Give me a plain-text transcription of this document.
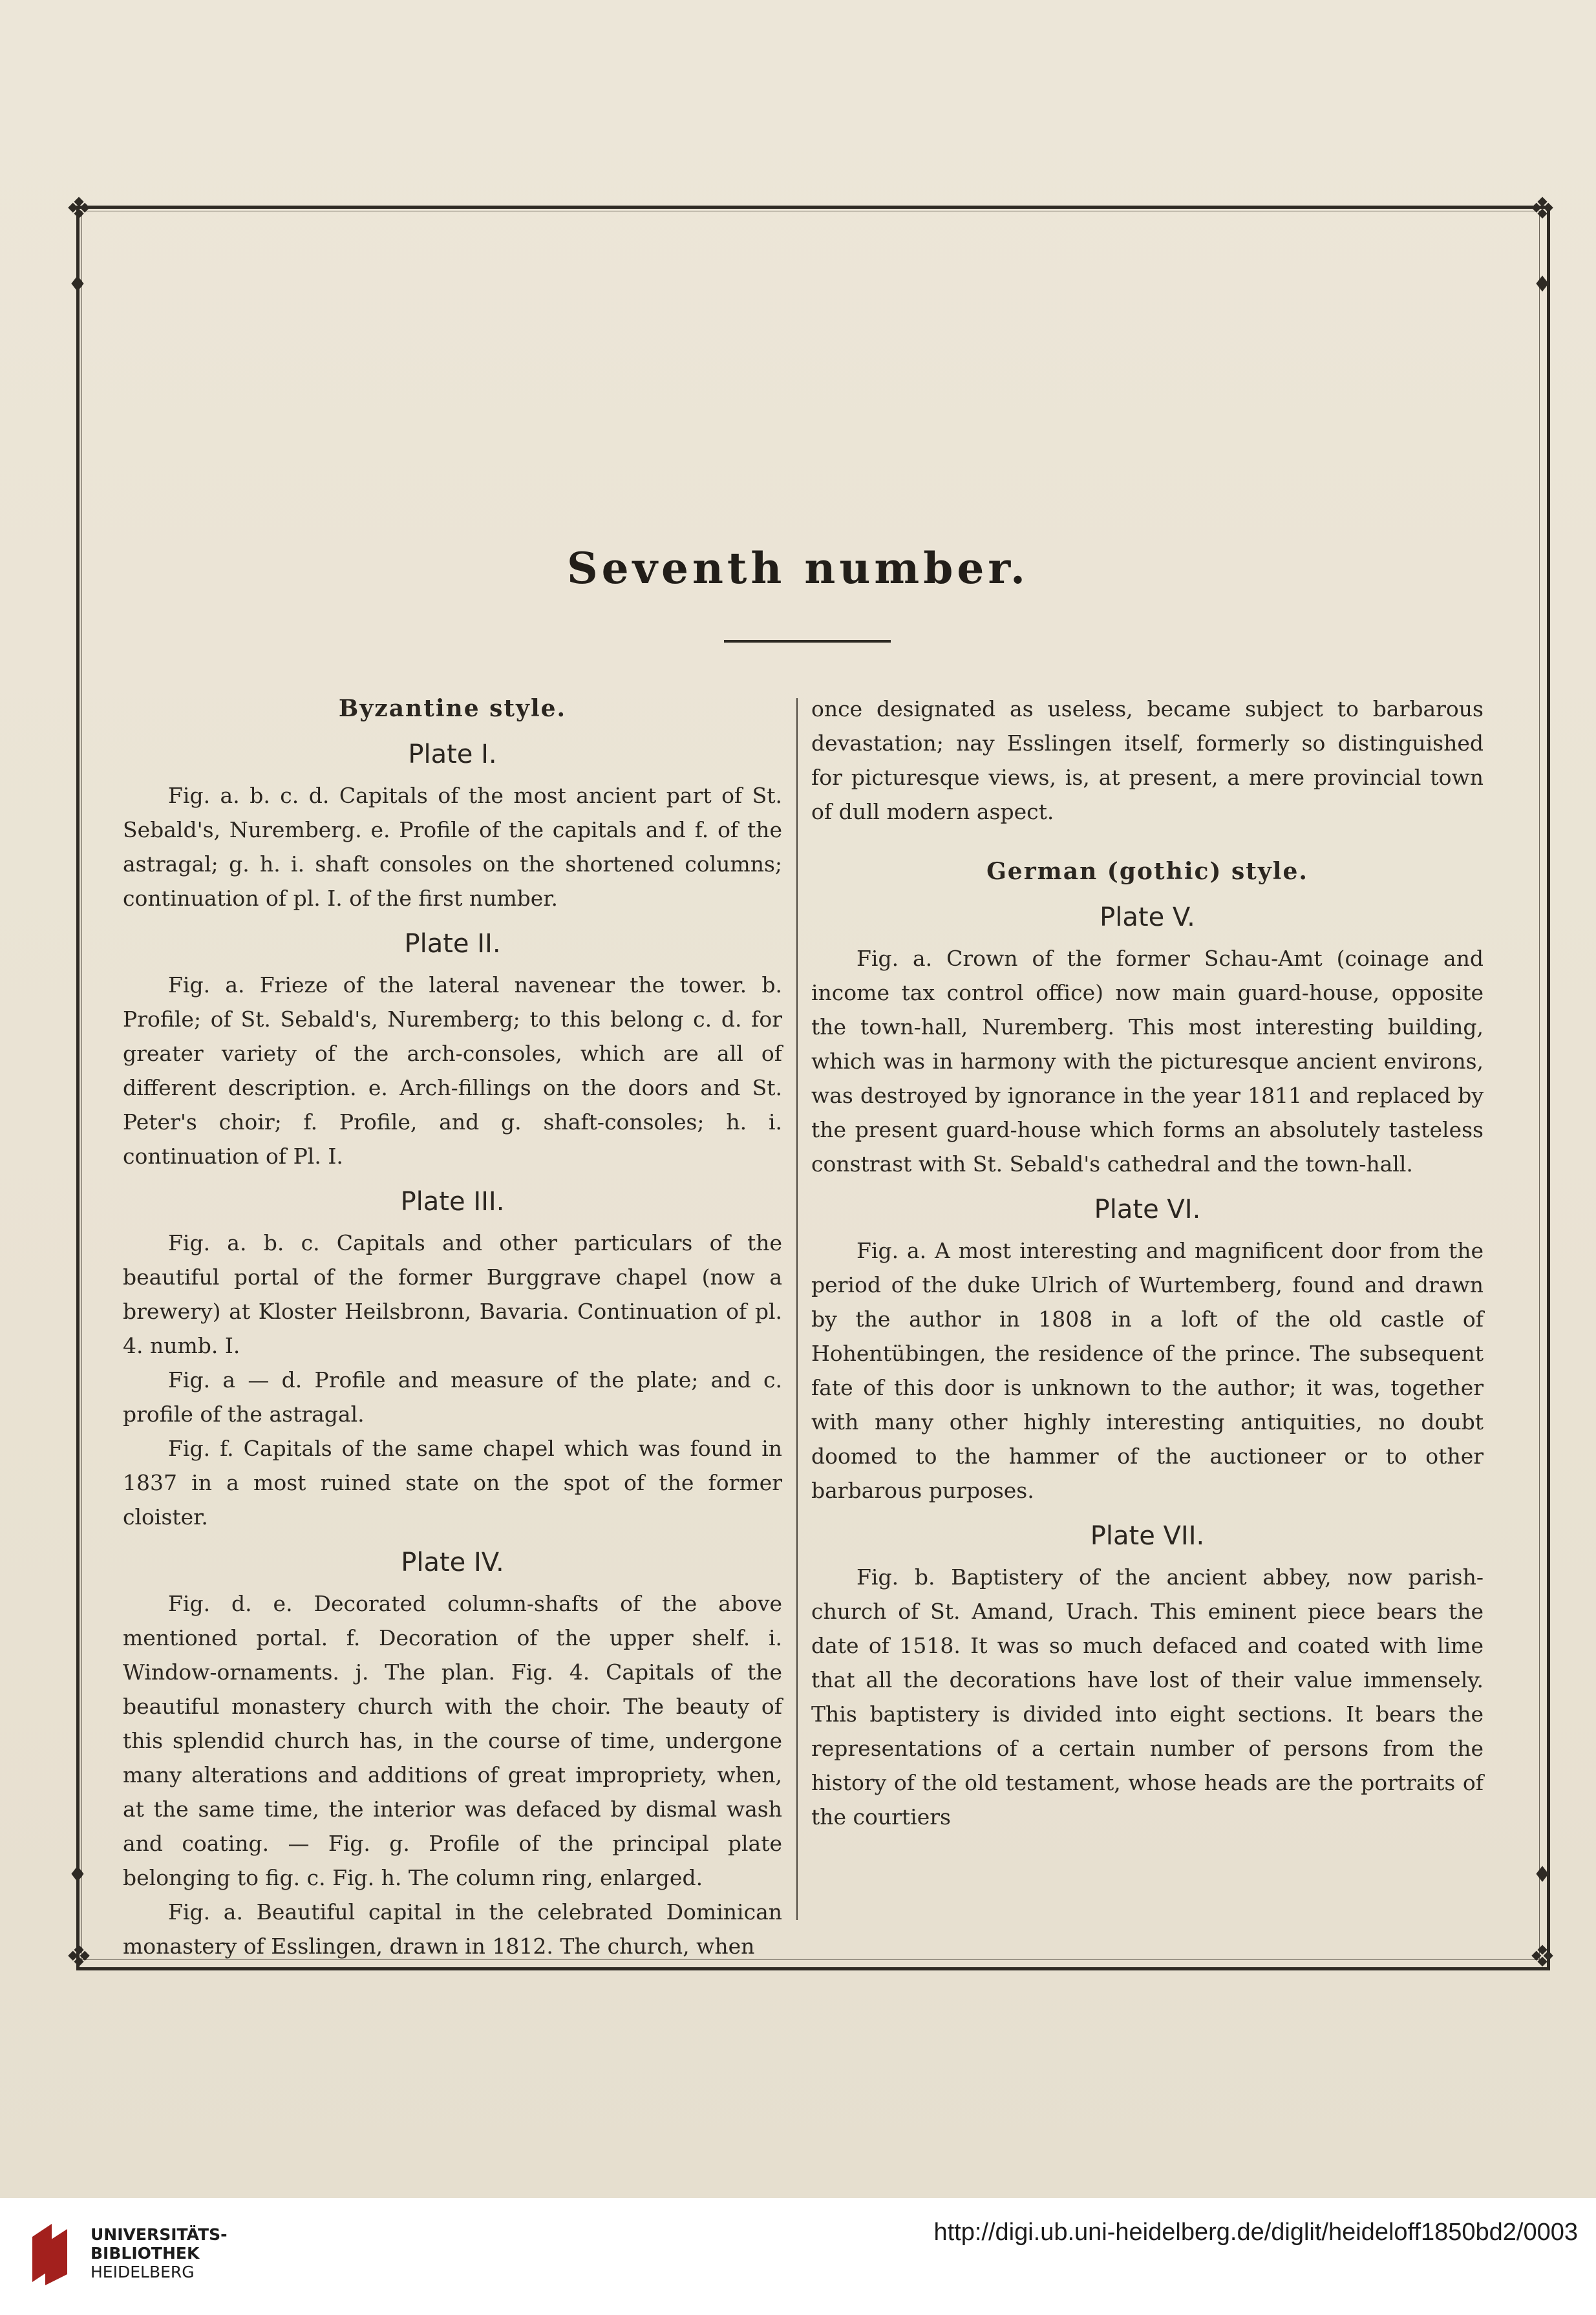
❖	❖
❖	❖
♦	♦
♦	♦
Seventh number.
Byzantine style.
Plate I.

Fig. a. b. c. d. Capitals of the most ancient part of St. Sebald's, Nuremberg. e. Profile of the capitals and f. of the astragal; g. h. i. shaft consoles on the shortened columns; continuation of pl. I. of the first number.

Plate II.

Fig. a. Frieze of the lateral navenear the tower. b. Profile; of St. Sebald's, Nuremberg; to this belong c. d. for greater variety of the arch-consoles, which are all of different description. e. Arch-fillings on the doors and St. Peter's choir; f. Profile, and g. shaft-consoles; h. i. continuation of Pl. I.

Plate III.

Fig. a. b. c. Capitals and other particulars of the beautiful portal of the former Burggrave chapel (now a brewery) at Kloster Heilsbronn, Bavaria. Continuation of pl. 4. numb. I.

Fig. a — d. Profile and measure of the plate; and c. profile of the astragal.

Fig. f. Capitals of the same chapel which was found in 1837 in a most ruined state on the spot of the former cloister.

Plate IV.

Fig. d. e. Decorated column-shafts of the above mentioned portal. f. Decoration of the upper shelf. i. Window-ornaments. j. The plan. Fig. 4. Capitals of the beautiful monastery church with the choir. The beauty of this splendid church has, in the course of time, undergone many alterations and additions of great impropriety, when, at the same time, the interior was defaced by dismal wash and coating. — Fig. g. Profile of the principal plate belonging to fig. c. Fig. h. The column ring, enlarged.

Fig. a. Beautiful capital in the celebrated Dominican monastery of Esslingen, drawn in 1812. The church, when

once designated as useless, became subject to barbarous devastation; nay Esslingen itself, formerly so distinguished for picturesque views, is, at present, a mere provincial town of dull modern aspect.

German (gothic) style.
Plate V.

Fig. a. Crown of the former Schau-Amt (coinage and income tax control office) now main guard-house, opposite the town-hall, Nuremberg. This most interesting building, which was in harmony with the picturesque ancient environs, was destroyed by ignorance in the year 1811 and replaced by the present guard-house which forms an absolutely tasteless constrast with St. Sebald's cathedral and the town-hall.

Plate VI.

Fig. a. A most interesting and magnificent door from the period of the duke Ulrich of Wurtemberg, found and drawn by the author in 1808 in a loft of the old castle of Hohentübingen, the residence of the prince. The subsequent fate of this door is unknown to the author; it was, together with many other highly interesting antiquities, no doubt doomed to the hammer of the auctioneer or to other barbarous purposes.

Plate VII.

Fig. b. Baptistery of the ancient abbey, now parish-church of St. Amand, Urach. This eminent piece bears the date of 1518. It was so much defaced and coated with lime that all the decorations have lost of their value immensely. This baptistery is divided into eight sections. It bears the representations of a certain number of persons from the history of the old testament, whose heads are the portraits of the courtiers

UNIVERSITÄTS-
BIBLIOTHEK
HEIDELBERG
http://digi.ub.uni-heidelberg.de/diglit/heideloff1850bd2/0003
